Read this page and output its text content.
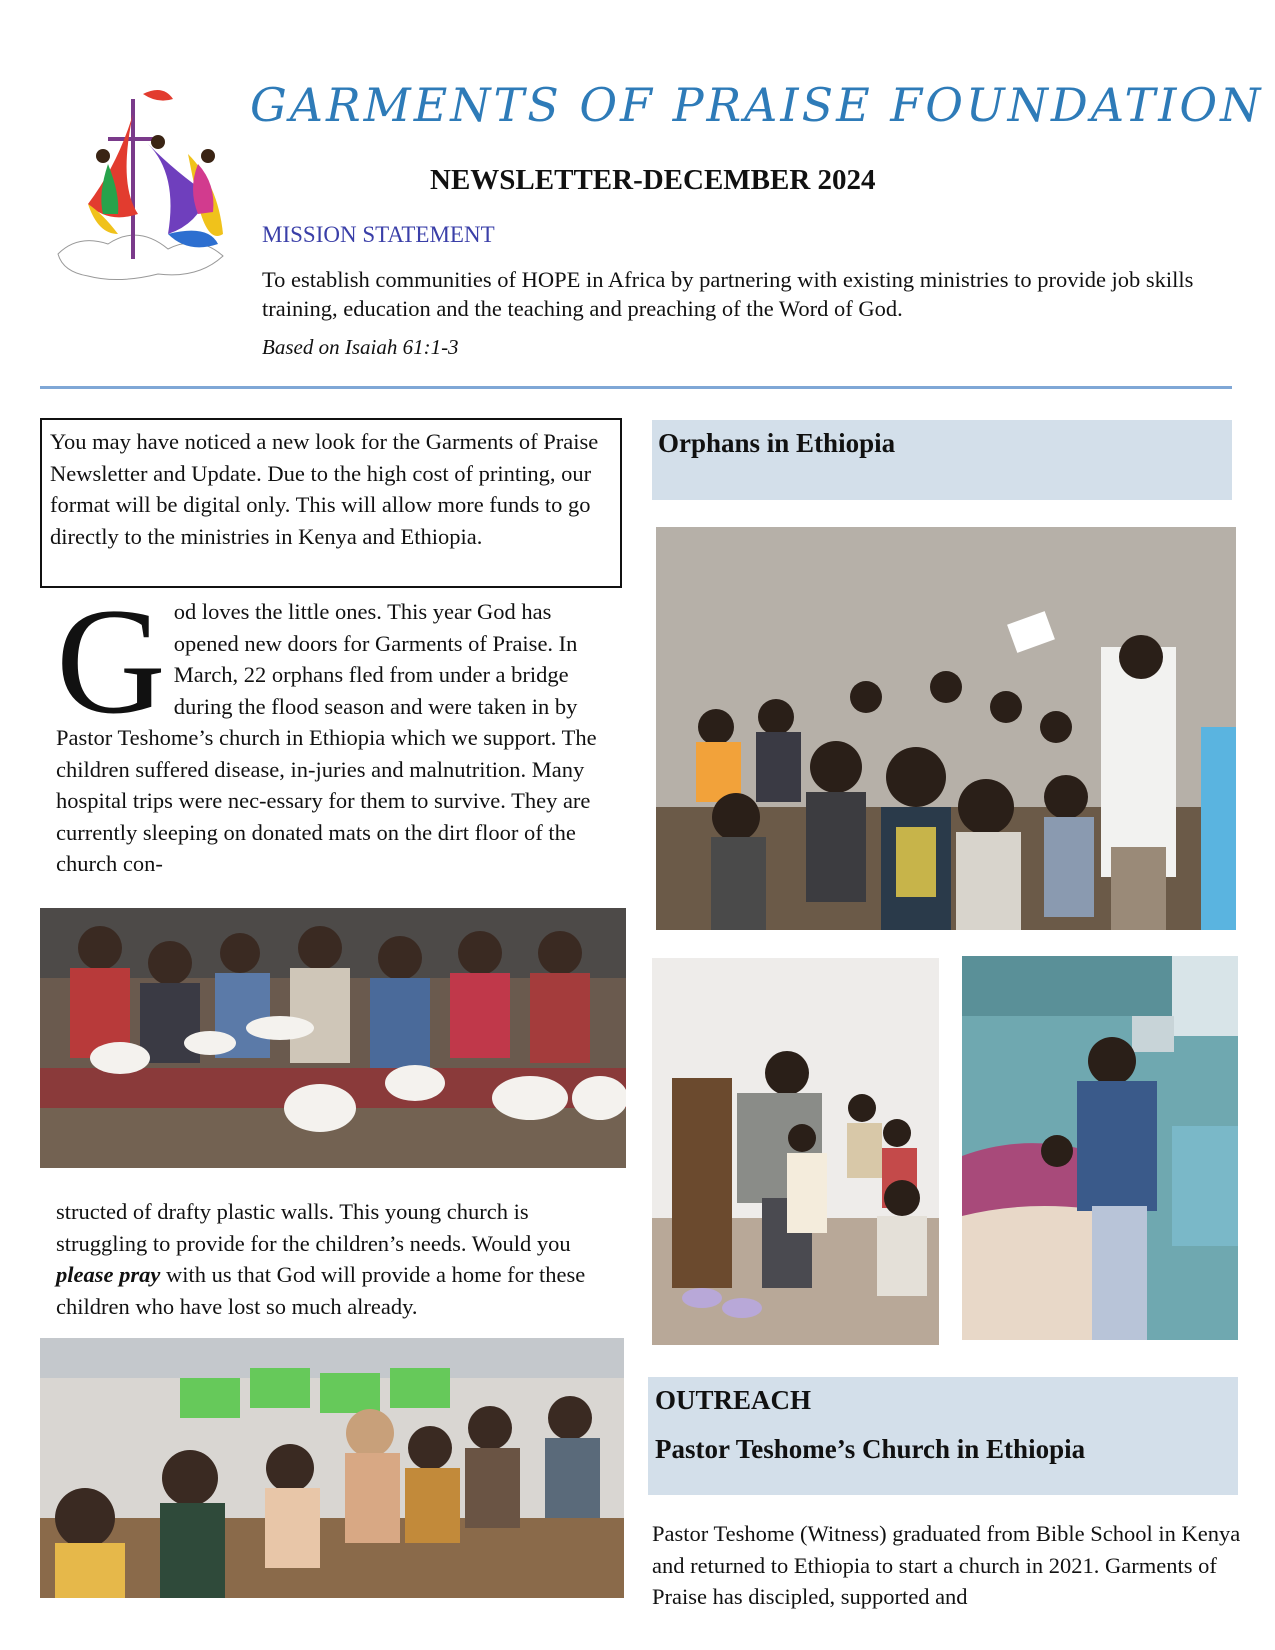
GARMENTS OF PRAISE FOUNDATION
NEWSLETTER-DECEMBER 2024
MISSION STATEMENT
To establish communities of HOPE in Africa by partnering with existing ministries to provide job skills training, education and the teaching and preaching of the Word of God.
Based on Isaiah 61:1-3
You may have noticed a new look for the Garments of Praise Newsletter and Update. Due to the high cost of printing, our format will be digital only. This will allow more funds to go directly to the ministries in Kenya and Ethiopia.
G od loves the little ones. This year God has opened new doors for Garments of Praise. In March, 22 orphans fled from under a bridge during the flood season and were taken in by Pastor Teshome’s church in Ethiopia which we support. The children suffered disease, in-juries and malnutrition. Many hospital trips were nec-essary for them to survive. They are currently sleeping on donated mats on the dirt floor of the church con-
structed of drafty plastic walls. This young church is struggling to provide for the children’s needs. Would you please pray with us that God will provide a home for these children who have lost so much already.
Orphans in Ethiopia
OUTREACH
Pastor Teshome’s Church in Ethiopia
Pastor Teshome (Witness) graduated from Bible School in Kenya and returned to Ethiopia to start a church in 2021. Garments of Praise has discipled, supported and
